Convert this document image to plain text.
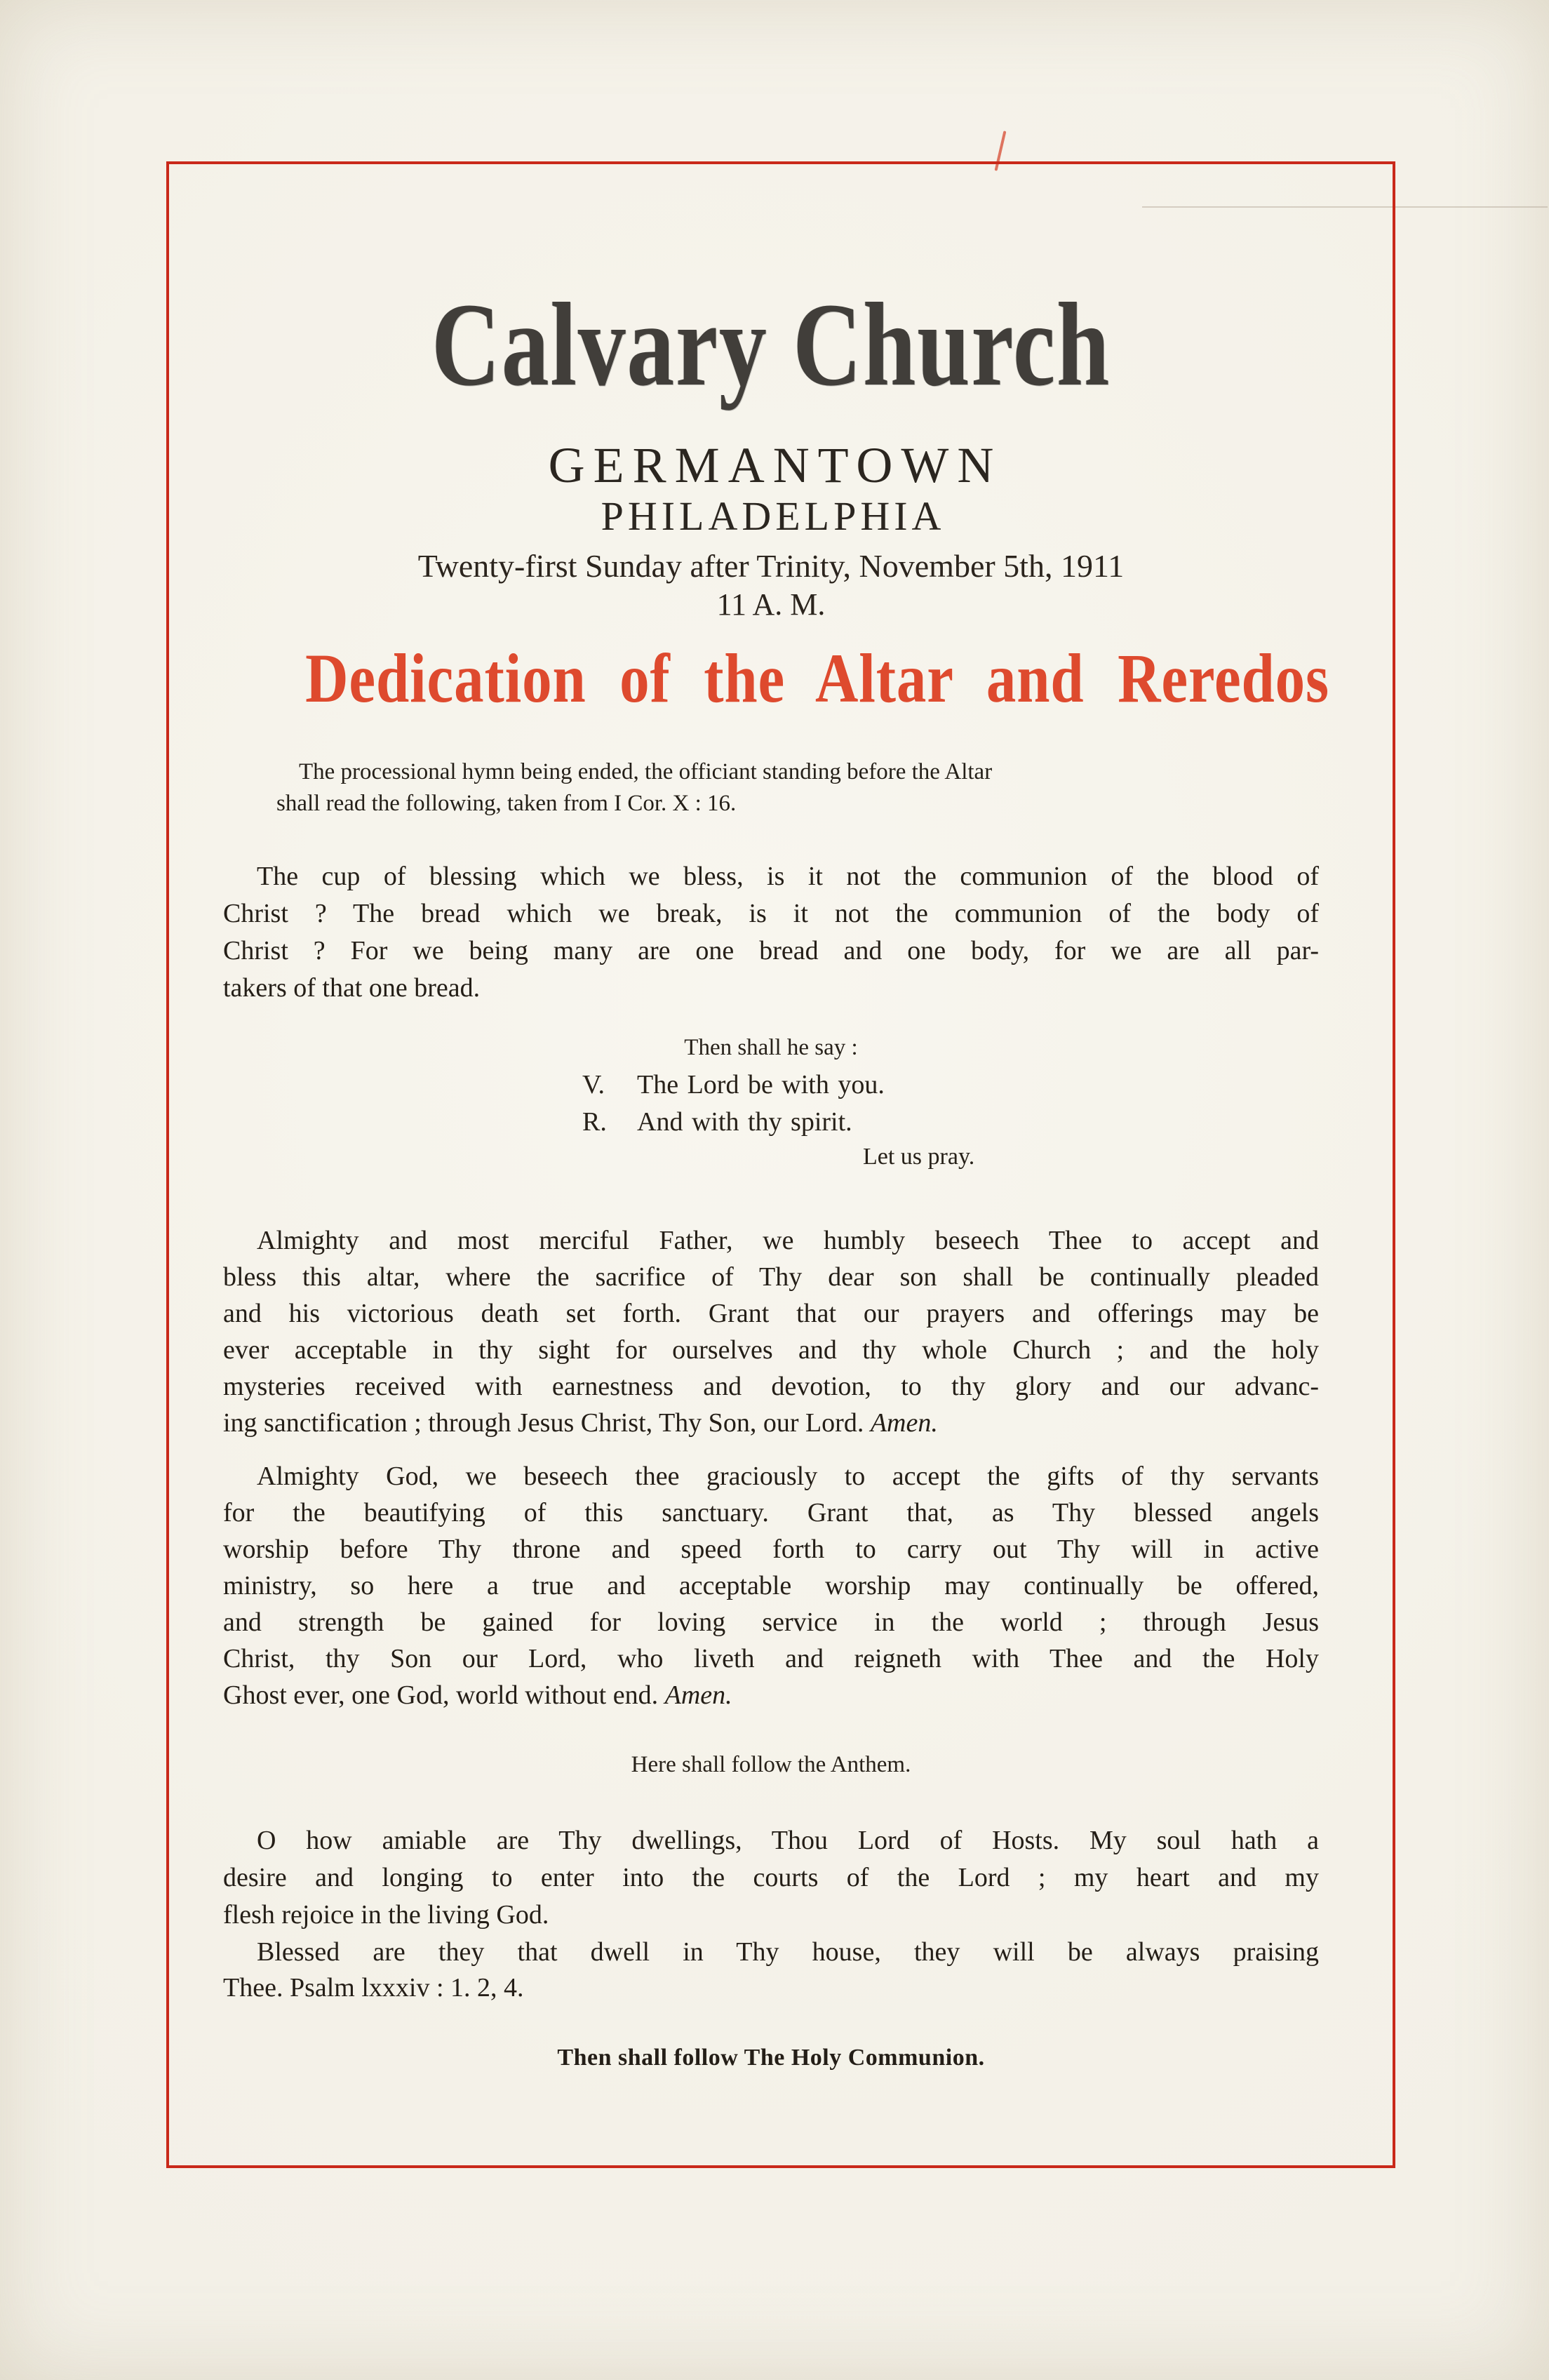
Calvary Church
GERMANTOWN
PHILADELPHIA
Twenty-first Sunday after Trinity, November 5th, 1911
11 A. M.
Dedication of the Altar and Reredos
The processional hymn being ended, the officiant standing before the Altar
shall read the following, taken from I Cor. X : 16.
The cup of blessing which we bless, is it not the communion of the blood of
Christ ? The bread which we break, is it not the communion of the body of
Christ ? For we being many are one bread and one body, for we are all par-
takers of that one bread.
Then shall he say :
V.	The Lord be with you.
R.	And with thy spirit.
Let us pray.
Almighty and most merciful Father, we humbly beseech Thee to accept and
bless this altar, where the sacrifice of Thy dear son shall be continually pleaded
and his victorious death set forth. Grant that our prayers and offerings may be
ever acceptable in thy sight for ourselves and thy whole Church ; and the holy
mysteries received with earnestness and devotion, to thy glory and our advanc-
ing sanctification ; through Jesus Christ, Thy Son, our Lord. Amen.
Almighty God, we beseech thee graciously to accept the gifts of thy servants
for the beautifying of this sanctuary. Grant that, as Thy blessed angels
worship before Thy throne and speed forth to carry out Thy will in active
ministry, so here a true and acceptable worship may continually be offered,
and strength be gained for loving service in the world ; through Jesus
Christ, thy Son our Lord, who liveth and reigneth with Thee and the Holy
Ghost ever, one God, world without end. Amen.
Here shall follow the Anthem.
O how amiable are Thy dwellings, Thou Lord of Hosts. My soul hath a
desire and longing to enter into the courts of the Lord ; my heart and my
flesh rejoice in the living God.
Blessed are they that dwell in Thy house, they will be always praising
Thee. Psalm lxxxiv : 1. 2, 4.
Then shall follow The Holy Communion.
